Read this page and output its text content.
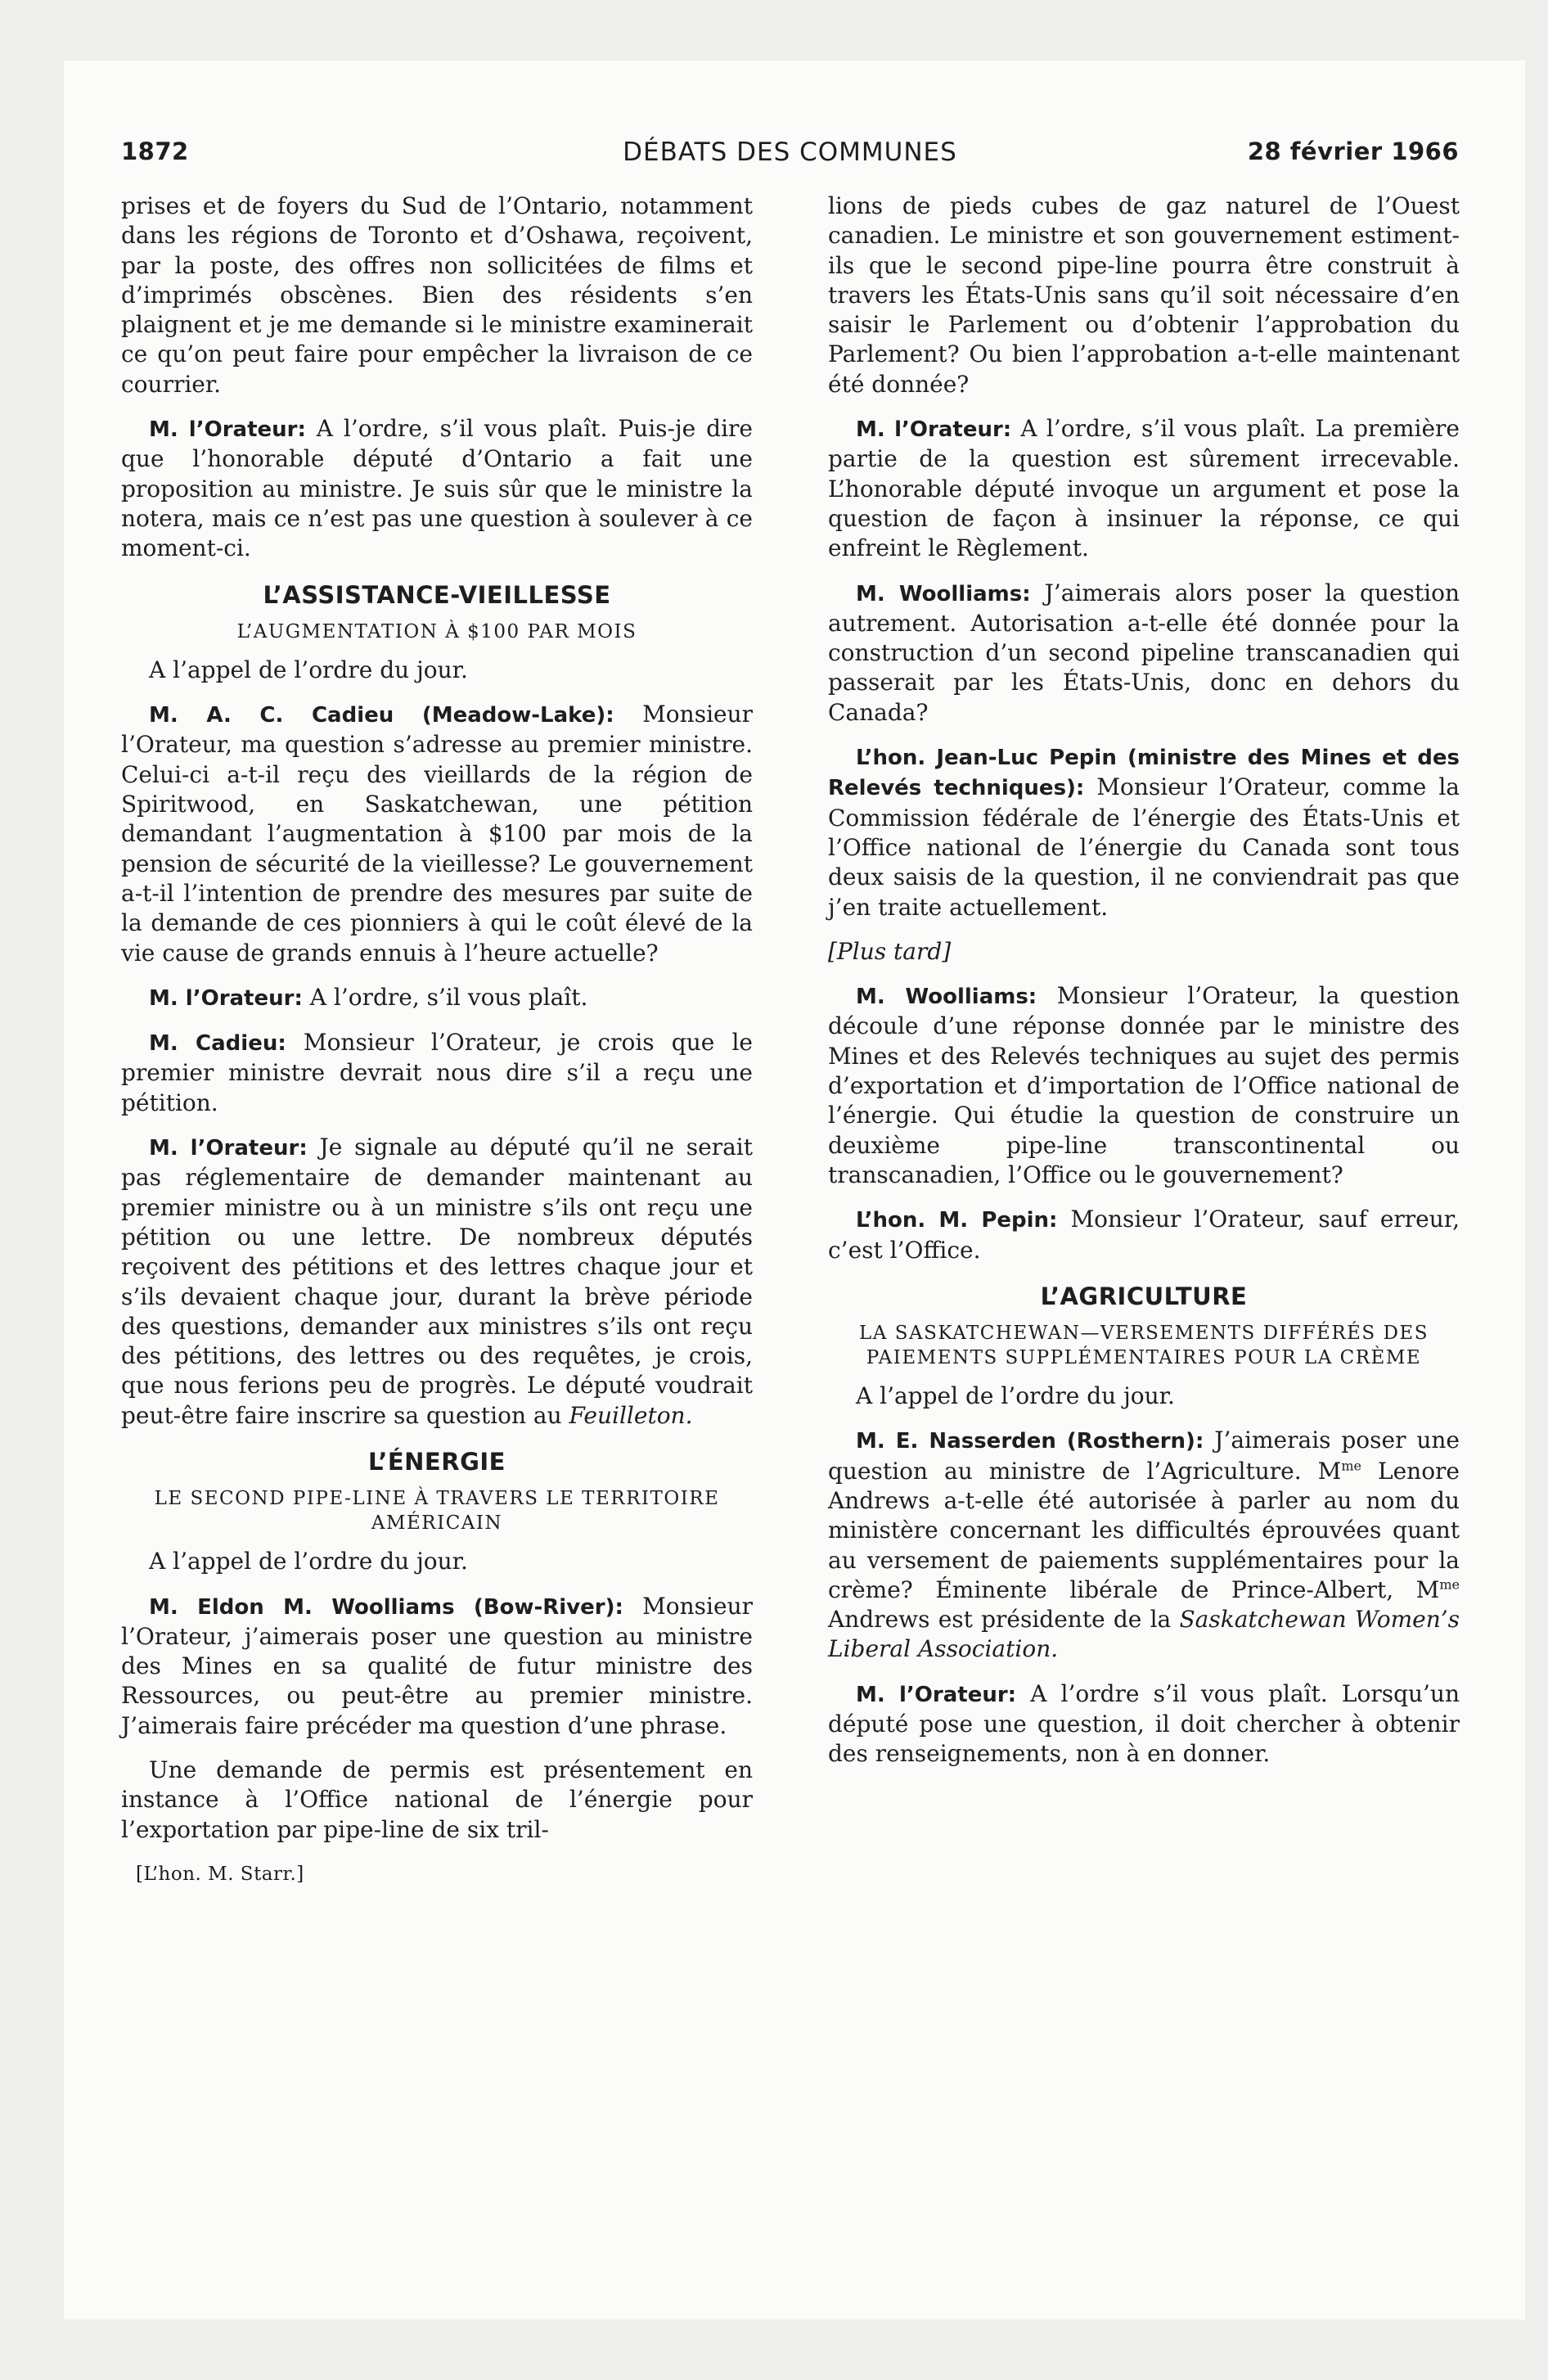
1872	DÉBATS DES COMMUNES	28 février 1966

prises et de foyers du Sud de l’Ontario, notamment dans les régions de Toronto et d’Oshawa, reçoivent, par la poste, des offres non sollicitées de films et d’imprimés obscènes. Bien des résidents s’en plaignent et je me demande si le ministre examinerait ce qu’on peut faire pour empêcher la livraison de ce courrier.

M. l’Orateur: A l’ordre, s’il vous plaît. Puis-je dire que l’honorable député d’Ontario a fait une proposition au ministre. Je suis sûr que le ministre la notera, mais ce n’est pas une question à soulever à ce moment-ci.

L’ASSISTANCE-VIEILLESSE
L’AUGMENTATION À $100 PAR MOIS

A l’appel de l’ordre du jour.

M. A. C. Cadieu (Meadow-Lake): Monsieur l’Orateur, ma question s’adresse au premier ministre. Celui-ci a-t-il reçu des vieillards de la région de Spiritwood, en Saskatchewan, une pétition demandant l’augmentation à $100 par mois de la pension de sécurité de la vieillesse? Le gouvernement a-t-il l’intention de prendre des mesures par suite de la demande de ces pionniers à qui le coût élevé de la vie cause de grands ennuis à l’heure actuelle?

M. l’Orateur: A l’ordre, s’il vous plaît.

M. Cadieu: Monsieur l’Orateur, je crois que le premier ministre devrait nous dire s’il a reçu une pétition.

M. l’Orateur: Je signale au député qu’il ne serait pas réglementaire de demander maintenant au premier ministre ou à un ministre s’ils ont reçu une pétition ou une lettre. De nombreux députés reçoivent des pétitions et des lettres chaque jour et s’ils devaient chaque jour, durant la brève période des questions, demander aux ministres s’ils ont reçu des pétitions, des lettres ou des requêtes, je crois, que nous ferions peu de progrès. Le député voudrait peut-être faire inscrire sa question au Feuilleton.

L’ÉNERGIE
LE SECOND PIPE-LINE À TRAVERS LE TERRITOIRE AMÉRICAIN

A l’appel de l’ordre du jour.

M. Eldon M. Woolliams (Bow-River): Monsieur l’Orateur, j’aimerais poser une question au ministre des Mines en sa qualité de futur ministre des Ressources, ou peut-être au premier ministre. J’aimerais faire précéder ma question d’une phrase.

Une demande de permis est présentement en instance à l’Office national de l’énergie pour l’exportation par pipe-line de six tril-

[L’hon. M. Starr.]

lions de pieds cubes de gaz naturel de l’Ouest canadien. Le ministre et son gouvernement estiment-ils que le second pipe-line pourra être construit à travers les États-Unis sans qu’il soit nécessaire d’en saisir le Parlement ou d’obtenir l’approbation du Parlement? Ou bien l’approbation a-t-elle maintenant été donnée?

M. l’Orateur: A l’ordre, s’il vous plaît. La première partie de la question est sûrement irrecevable. L’honorable député invoque un argument et pose la question de façon à insinuer la réponse, ce qui enfreint le Règlement.

M. Woolliams: J’aimerais alors poser la question autrement. Autorisation a-t-elle été donnée pour la construction d’un second pipeline transcanadien qui passerait par les États-Unis, donc en dehors du Canada?

L’hon. Jean-Luc Pepin (ministre des Mines et des Relevés techniques): Monsieur l’Orateur, comme la Commission fédérale de l’énergie des États-Unis et l’Office national de l’énergie du Canada sont tous deux saisis de la question, il ne conviendrait pas que j’en traite actuellement.

[Plus tard]

M. Woolliams: Monsieur l’Orateur, la question découle d’une réponse donnée par le ministre des Mines et des Relevés techniques au sujet des permis d’exportation et d’importation de l’Office national de l’énergie. Qui étudie la question de construire un deuxième pipe-line transcontinental ou transcanadien, l’Office ou le gouvernement?

L’hon. M. Pepin: Monsieur l’Orateur, sauf erreur, c’est l’Office.

L’AGRICULTURE
LA SASKATCHEWAN—VERSEMENTS DIFFÉRÉS DES PAIEMENTS SUPPLÉMENTAIRES POUR LA CRÈME

A l’appel de l’ordre du jour.

M. E. Nasserden (Rosthern): J’aimerais poser une question au ministre de l’Agriculture. $M^{me}$ Lenore Andrews a-t-elle été autorisée à parler au nom du ministère concernant les difficultés éprouvées quant au versement de paiements supplémentaires pour la crème? Éminente libérale de Prince-Albert, $M^{me}$ Andrews est présidente de la Saskatchewan Women’s Liberal Association.

M. l’Orateur: A l’ordre s’il vous plaît. Lorsqu’un député pose une question, il doit chercher à obtenir des renseignements, non à en donner.
